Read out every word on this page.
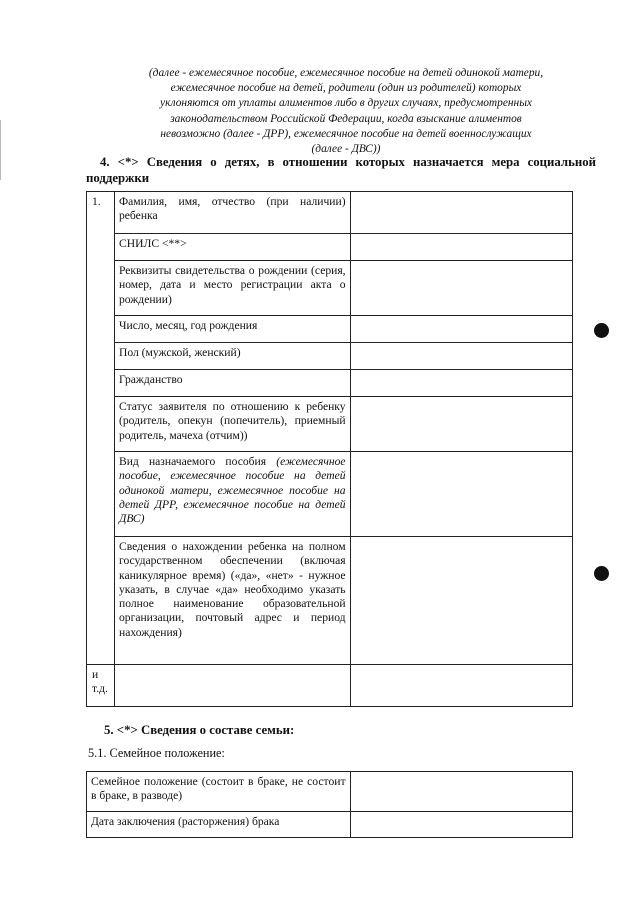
(далее - ежемесячное пособие, ежемесячное пособие на детей одинокой матери,
ежемесячное пособие на детей, родители (один из родителей) которых
уклоняются от уплаты алиментов либо в других случаях, предусмотренных
законодательством Российской Федерации, когда взыскание алиментов
невозможно (далее - ДРР), ежемесячное пособие на детей военнослужащих
(далее - ДВС))
4. <*> Сведения о детях, в отношении которых назначается мера социальной поддержки
1.	Фамилия, имя, отчество (при наличии) ребенка	
	СНИЛС <**>	
	Реквизиты свидетельства о рождении (серия, номер, дата и место регистрации акта о рождении)	
	Число, месяц, год рождения	
	Пол (мужской, женский)	
	Гражданство	
	Статус заявителя по отношению к ребенку (родитель, опекун (попечитель), приемный родитель, мачеха (отчим))	
	Вид назначаемого пособия (ежемесячное пособие, ежемесячное пособие на детей одинокой матери, ежемесячное пособие на детей ДРР, ежемесячное пособие на детей ДВС)	
	Сведения о нахождении ребенка на полном государственном обеспечении (включая каникулярное время) («да», «нет» - нужное указать, в случае «да» необходимо указать полное наименование образовательной организации, почтовый адрес и период нахождения)	
и т.д.		
5. <*> Сведения о составе семьи:
5.1. Семейное положение:
Семейное положение (состоит в браке, не состоит в браке, в разводе)	
Дата заключения (расторжения) брака	
